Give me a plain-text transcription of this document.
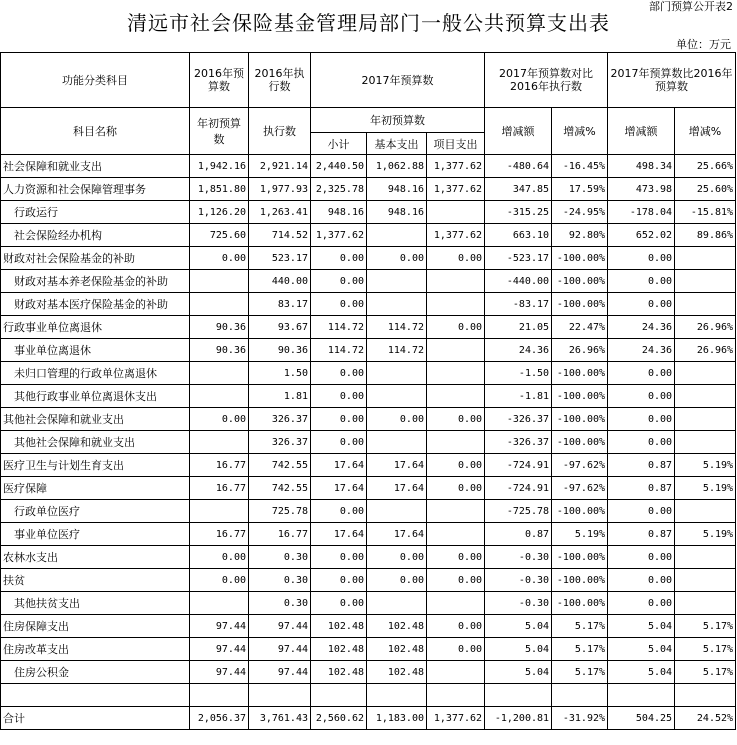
部门预算公开表2
清远市社会保险基金管理局部门一般公共预算支出表
单位：万元
功能分类科目	2016年预算数	2016年执行数	2017年预算数			2017年预算数对比2016年执行数		2017年预算数比2016年预算数	
科目名称	年初预算数	执行数	年初预算数			增减额	增减%	增减额	增减%
			小计	基本支出	项目支出				
社会保障和就业支出	1,942.16	2,921.14	2,440.50	1,062.88	1,377.62	-480.64	-16.45%	498.34	25.66%
人力资源和社会保障管理事务	1,851.80	1,977.93	2,325.78	948.16	1,377.62	347.85	17.59%	473.98	25.60%
行政运行	1,126.20	1,263.41	948.16	948.16		-315.25	-24.95%	-178.04	-15.81%
社会保险经办机构	725.60	714.52	1,377.62		1,377.62	663.10	92.80%	652.02	89.86%
财政对社会保险基金的补助	0.00	523.17	0.00	0.00	0.00	-523.17	-100.00%	0.00	
财政对基本养老保险基金的补助		440.00	0.00			-440.00	-100.00%	0.00	
财政对基本医疗保险基金的补助		83.17	0.00			-83.17	-100.00%	0.00	
行政事业单位离退休	90.36	93.67	114.72	114.72	0.00	21.05	22.47%	24.36	26.96%
事业单位离退休	90.36	90.36	114.72	114.72		24.36	26.96%	24.36	26.96%
未归口管理的行政单位离退休		1.50	0.00			-1.50	-100.00%	0.00	
其他行政事业单位离退休支出		1.81	0.00			-1.81	-100.00%	0.00	
其他社会保障和就业支出	0.00	326.37	0.00	0.00	0.00	-326.37	-100.00%	0.00	
其他社会保障和就业支出		326.37	0.00			-326.37	-100.00%	0.00	
医疗卫生与计划生育支出	16.77	742.55	17.64	17.64	0.00	-724.91	-97.62%	0.87	5.19%
医疗保障	16.77	742.55	17.64	17.64	0.00	-724.91	-97.62%	0.87	5.19%
行政单位医疗		725.78	0.00			-725.78	-100.00%	0.00	
事业单位医疗	16.77	16.77	17.64	17.64		0.87	5.19%	0.87	5.19%
农林水支出	0.00	0.30	0.00	0.00	0.00	-0.30	-100.00%	0.00	
扶贫	0.00	0.30	0.00	0.00	0.00	-0.30	-100.00%	0.00	
其他扶贫支出		0.30	0.00			-0.30	-100.00%	0.00	
住房保障支出	97.44	97.44	102.48	102.48	0.00	5.04	5.17%	5.04	5.17%
住房改革支出	97.44	97.44	102.48	102.48	0.00	5.04	5.17%	5.04	5.17%
住房公积金	97.44	97.44	102.48	102.48		5.04	5.17%	5.04	5.17%

合计	2,056.37	3,761.43	2,560.62	1,183.00	1,377.62	-1,200.81	-31.92%	504.25	24.52%
